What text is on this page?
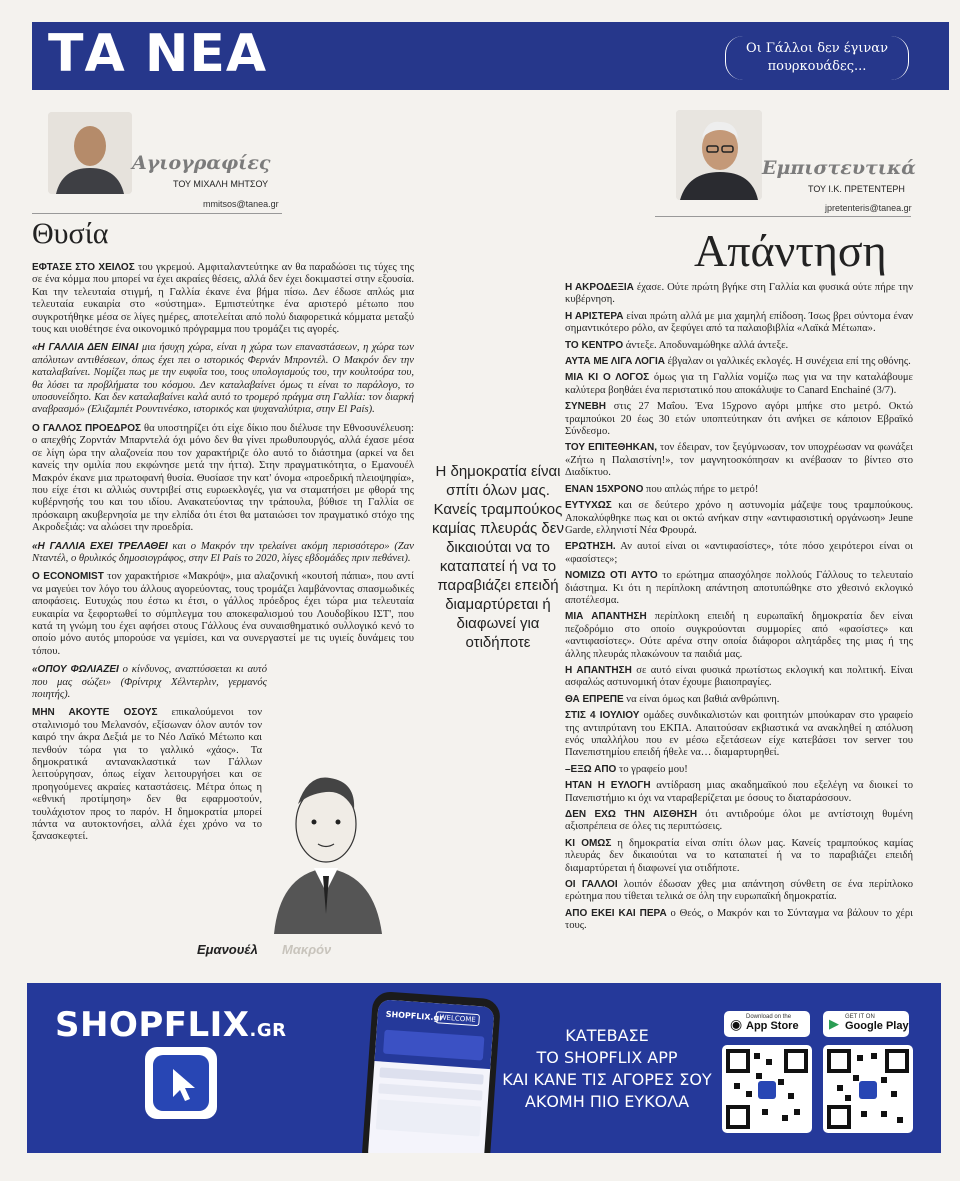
ΤΑ ΝΕΑ	Οι Γάλλοι δεν έγιναν
πουρκουάδες...
Αγιογραφίες
ΤΟΥ ΜΙΧΑΛΗ ΜΗΤΣΟΥ
mmitsos@tanea.gr
Θυσία

ΕΦΤΑΣΕ ΣΤΟ ΧΕΙΛΟΣ του γκρεμού. Αμφιταλαντεύτηκε αν θα παραδώσει τις τύχες της σε ένα κόμμα που μπορεί να έχει ακραίες θέσεις, αλλά δεν έχει δοκιμαστεί στην εξουσία. Και την τελευταία στιγμή, η Γαλλία έκανε ένα βήμα πίσω. Δεν έδωσε απλώς μια τελευταία ευκαιρία στο «σύστημα». Εμπιστεύτηκε ένα αριστερό μέτωπο που συγκροτήθηκε μέσα σε λίγες ημέρες, αποτελείται από πολύ διαφορετικά κόμματα μεταξύ τους και υιοθέτησε ένα οικονομικό πρόγραμμα που τρομάζει τις αγορές.

«Η ΓΑΛΛΙΑ ΔΕΝ ΕΙΝΑΙ μια ήσυχη χώρα, είναι η χώρα των επαναστάσεων, η χώρα των απόλυτων αντιθέσεων, όπως έχει πει ο ιστορικός Φερνάν Μπροντέλ. Ο Μακρόν δεν την καταλαβαίνει. Νομίζει πως με την ευφυΐα του, τους υπολογισμούς του, την κουλτούρα του, θα λύσει τα προβλήματα του κόσμου. Δεν καταλαβαίνει όμως τι είναι το παράλογο, το υποσυνείδητο. Και δεν καταλαβαίνει καλά αυτό το τρομερό πράγμα στη Γαλλία: τον διαρκή αναβρασμό» (Ελιζαμπέτ Ρουντινέσκο, ιστορικός και ψυχαναλύτρια, στην El País).

Ο ΓΑΛΛΟΣ ΠΡΟΕΔΡΟΣ θα υποστηρίζει ότι είχε δίκιο που διέλυσε την Εθνοσυνέλευση: ο απεχθής Ζορντάν Μπαρντελά όχι μόνο δεν θα γίνει πρωθυπουργός, αλλά έχασε μέσα σε λίγη ώρα την αλαζονεία που τον χαρακτήριζε όλο αυτό το διάστημα (αρκεί να δει κανείς την ομιλία που εκφώνησε μετά την ήττα). Στην πραγματικότητα, ο Εμανουέλ Μακρόν έκανε μια πρωτοφανή θυσία. Θυσίασε την κατ' όνομα «προεδρική πλειοψηφία», που είχε έτσι κι αλλιώς συντριβεί στις ευρωεκλογές, για να σταματήσει με φθορά της κυβέρνησής του και του ιδίου. Ανακατεύοντας την τράπουλα, βύθισε τη Γαλλία σε πρόσκαιρη ακυβερνησία με την ελπίδα ότι έτσι θα ματαιώσει τον πραγματικό στόχο της Ακροδεξιάς: να αλώσει την προεδρία.

«Η ΓΑΛΛΙΑ ΕΧΕΙ ΤΡΕΛΑΘΕΙ και ο Μακρόν την τρελαίνει ακόμη περισσότερο» (Ζαν Νταντέλ, ο θρυλικός δημοσιογράφος, στην El País το 2020, λίγες εβδομάδες πριν πεθάνει).

Ο ECONOMIST τον χαρακτήρισε «Μακρόψ», μια αλαζονική «κουτσή πάπια», που αντί να μαγεύει τον λόγο του άλλους αγορεύοντας, τους τρομάζει λαμβάνοντας σπασμωδικές αποφάσεις. Ευτυχώς που έστω κι έτσι, ο γάλλος πρόεδρος έχει τώρα μια τελευταία ευκαιρία να ξεφορτωθεί το σύμπλεγμα του αποκεφαλισμού του Λουδοβίκου ΙΣΤ', που κατά τη γνώμη του έχει αφήσει στους Γάλλους ένα συναισθηματικό συλλογικό κενό το οποίο μόνο αυτός μπορούσε να γεμίσει, και να συνεργαστεί με τις υγιείς δυνάμεις του τόπου.

«ΟΠΟΥ ΦΩΛΙΑΖΕΙ ο κίνδυνος, αναπτύσσεται κι αυτό που μας σώζει» (Φρίντριχ Χέλντερλιν, γερμανός ποιητής).

ΜΗΝ ΑΚΟΥΤΕ ΟΣΟΥΣ επικαλούμενοι τον σταλινισμό του Μελανσόν, εξίσωναν όλον αυτόν τον καιρό την άκρα Δεξιά με το Νέο Λαϊκό Μέτωπο και πενθούν τώρα για το γαλλικό «χάος». Τα δημοκρατικά αντανακλαστικά των Γάλλων λειτούργησαν, όπως είχαν λειτουργήσει και σε προηγούμενες ακραίες καταστάσεις. Μέτρα όπως η «εθνική προτίμηση» δεν θα εφαρμοστούν, τουλάχιστον προς το παρόν. Η δημοκρατία μπορεί πάντα να αυτοκτονήσει, αλλά έχει χρόνο να το ξανασκεφτεί.

Εμανουέλ Μακρόν
Η δημοκρατία είναι σπίτι όλων μας. Κανείς τραμπούκος καμίας πλευράς δεν δικαιούται να το καταπατεί ή να το παραβιάζει επειδή διαμαρτύρεται ή διαφωνεί για οτιδήποτε
Εμπιστευτικά
ΤΟΥ Ι.Κ. ΠΡΕΤΕΝΤΕΡΗ
jpretenteris@tanea.gr
Απάντηση

Η ΑΚΡΟΔΕΞΙΑ έχασε. Ούτε πρώτη βγήκε στη Γαλλία και φυσικά ούτε πήρε την κυβέρνηση.

Η ΑΡΙΣΤΕΡΑ είναι πρώτη αλλά με μια χαμηλή επίδοση. Ίσως βρει σύντομα έναν σημαντικότερο ρόλο, αν ξεφύγει από τα παλαιοβιβλία «Λαϊκά Μέτωπα».

ΤΟ ΚΕΝΤΡΟ άντεξε. Αποδυναμώθηκε αλλά άντεξε.

ΑΥΤΑ ΜΕ ΛΙΓΑ ΛΟΓΙΑ έβγαλαν οι γαλλικές εκλογές. Η συνέχεια επί της οθόνης.

ΜΙΑ ΚΙ Ο ΛΟΓΟΣ όμως για τη Γαλλία νομίζω πως για να την καταλάβουμε καλύτερα βοηθάει ένα περιστατικό που αποκάλυψε το Canard Enchainé (3/7).

ΣΥΝΕΒΗ στις 27 Μαΐου. Ένα 15χρονο αγόρι μπήκε στο μετρό. Οκτώ τραμπούκοι 20 έως 30 ετών υποπτεύτηκαν ότι ανήκει σε κάποιον Εβραϊκό Σύνδεσμο.

ΤΟΥ ΕΠΙΤΕΘΗΚΑΝ, τον έδειραν, τον ξεγύμνωσαν, τον υποχρέωσαν να φωνάξει «Ζήτω η Παλαιστίνη!», τον μαγνητοσκόπησαν κι ανέβασαν το βίντεο στο Διαδίκτυο.

ΕΝΑΝ 15ΧΡΟΝΟ που απλώς πήρε το μετρό!

ΕΥΤΥΧΩΣ και σε δεύτερο χρόνο η αστυνομία μάζεψε τους τραμπούκους. Αποκαλύφθηκε πως και οι οκτώ ανήκαν στην «αντιφασιστική οργάνωση» Jeune Garde, ελληνιστί Νέα Φρουρά.

ΕΡΩΤΗΣΗ. Αν αυτοί είναι οι «αντιφασίστες», τότε πόσο χειρότεροι είναι οι «φασίστες»;

ΝΟΜΙΖΩ ΟΤΙ ΑΥΤΟ το ερώτημα απασχόλησε πολλούς Γάλλους το τελευταίο διάστημα. Κι ότι η περίπλοκη απάντηση αποτυπώθηκε στο χθεσινό εκλογικό αποτέλεσμα.

ΜΙΑ ΑΠΑΝΤΗΣΗ περίπλοκη επειδή η ευρωπαϊκή δημοκρατία δεν είναι πεζοδρόμιο στο οποίο συγκρούονται συμμορίες από «φασίστες» και «αντιφασίστες». Ούτε αρένα στην οποία διάφοροι αλητάρδες της μιας ή της άλλης πλευράς πλακώνουν τα παιδιά μας.

Η ΑΠΑΝΤΗΣΗ σε αυτό είναι φυσικά πρωτίστως εκλογική και πολιτική. Είναι ασφαλώς αστυνομική όταν έχουμε βιαιοπραγίες.

ΘΑ ΕΠΡΕΠΕ να είναι όμως και βαθιά ανθρώπινη.

ΣΤΙΣ 4 ΙΟΥΛΙΟΥ ομάδες συνδικαλιστών και φοιτητών μπούκαραν στο γραφείο της αντιπρύτανη του ΕΚΠΑ. Απαιτούσαν εκβιαστικά να ανακληθεί η απόλυση ενός υπαλλήλου που εν μέσω εξετάσεων είχε κατεβάσει τον server του Πανεπιστημίου επειδή ήθελε να… διαμαρτυρηθεί.

–ΕΞΩ ΑΠΟ το γραφείο μου!

ΗΤΑΝ Η ΕΥΛΟΓΗ αντίδραση μιας ακαδημαϊκού που εξελέγη να διοικεί το Πανεπιστήμιο κι όχι να νταραβερίζεται με όσους το διαταράσσουν.

ΔΕΝ ΕΧΩ ΤΗΝ ΑΙΣΘΗΣΗ ότι αντιδρούμε όλοι με αντίστοιχη θυμένη αξιοπρέπεια σε όλες τις περιπτώσεις.

ΚΙ ΟΜΩΣ η δημοκρατία είναι σπίτι όλων μας. Κανείς τραμπούκος καμίας πλευράς δεν δικαιούται να το καταπατεί ή να το παραβιάζει επειδή διαμαρτύρεται ή διαφωνεί για οτιδήποτε.

ΟΙ ΓΑΛΛΟΙ λοιπόν έδωσαν χθες μια απάντηση σύνθετη σε ένα περίπλοκο ερώτημα που τίθεται τελικά σε όλη την ευρωπαϊκή δημοκρατία.

ΑΠΟ ΕΚΕΙ ΚΑΙ ΠΕΡΑ ο Θεός, ο Μακρόν και το Σύνταγμα να βάλουν το χέρι τους.

SHOPFLIX.GR
SHOPFLIX.gr
WELCOME
ΚΑΤΕΒΑΣΕ
ΤΟ SHOPFLIX APP
ΚΑΙ ΚΑΝΕ ΤΙΣ ΑΓΟΡΕΣ ΣΟΥ
ΑΚΟΜΗ ΠΙΟ ΕΥΚΟΛΑ
◉ Download on the
App Store	▶	GET IT ON
Google Play
